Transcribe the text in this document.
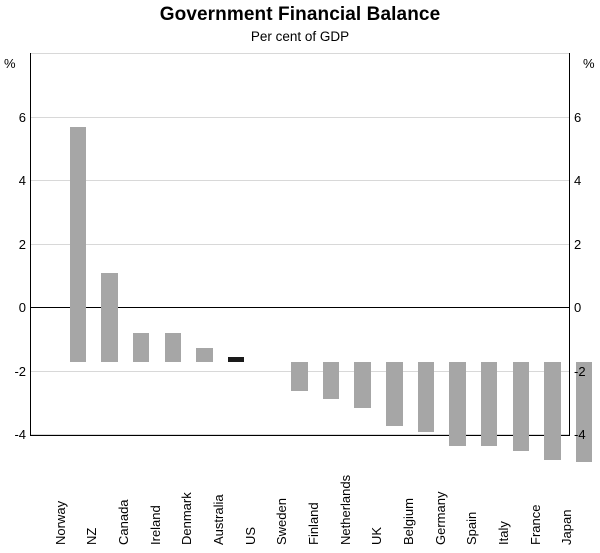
Government Financial Balance
Per cent of GDP
%	%
-4
-2
0
2
4
6
-4
-2
0
2
4
6
Norway NZ Canada Ireland Denmark Australia US Sweden Finland Netherlands UK Belgium Germany Spain Italy France Japan
